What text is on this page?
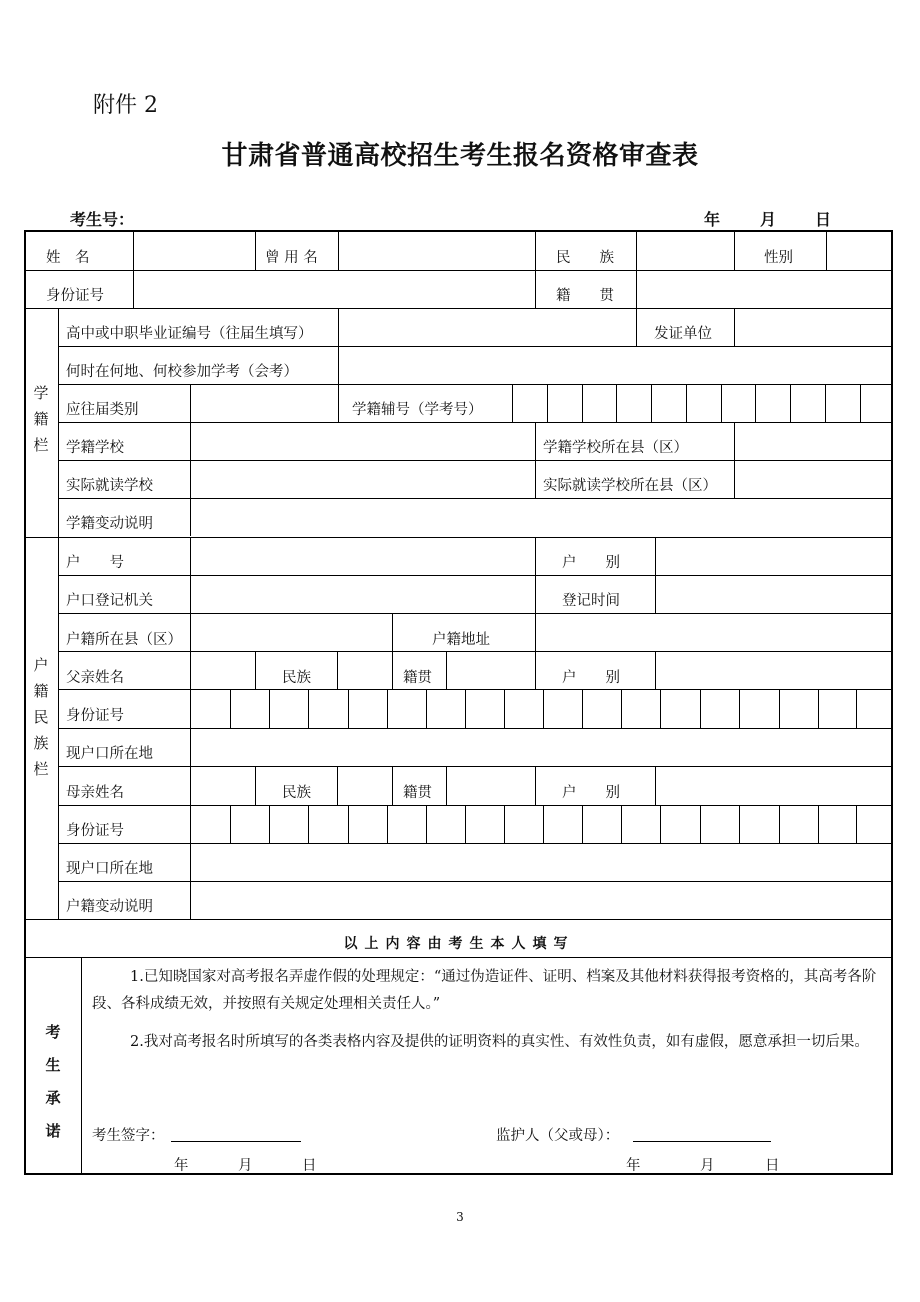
附件 2
甘肃省普通高校招生考生报名资格审查表
考生号：	年 月 日
姓　名	曾 用 名	民　　族	性别
身份证号	籍　　贯
学籍栏
高中或中职毕业证编号（往届生填写）	发证单位
何时在何地、何校参加学考（会考）
应往届类别	学籍辅号（学考号）
学籍学校	学籍学校所在县（区）
实际就读学校	实际就读学校所在县（区）
学籍变动说明
户籍民族栏
户　　号	户　　别
户口登记机关	登记时间
户籍所在县（区）	户籍地址
父亲姓名	民族	籍贯	户　　别
身份证号
现户口所在地
母亲姓名	民族	籍贯	户　　别
身份证号
现户口所在地
户籍变动说明
以上内容由考生本人填写
考生承诺
1.已知晓国家对高考报名弄虚作假的处理规定：“通过伪造证件、证明、档案及其他材料获得报考资格的，其高考各阶段、各科成绩无效，并按照有关规定处理相关责任人。”
2.我对高考报名时所填写的各类表格内容及提供的证明资料的真实性、有效性负责，如有虚假，愿意承担一切后果。
考生签字：	监护人（父或母）：
年	月	日	年	月	日
3
